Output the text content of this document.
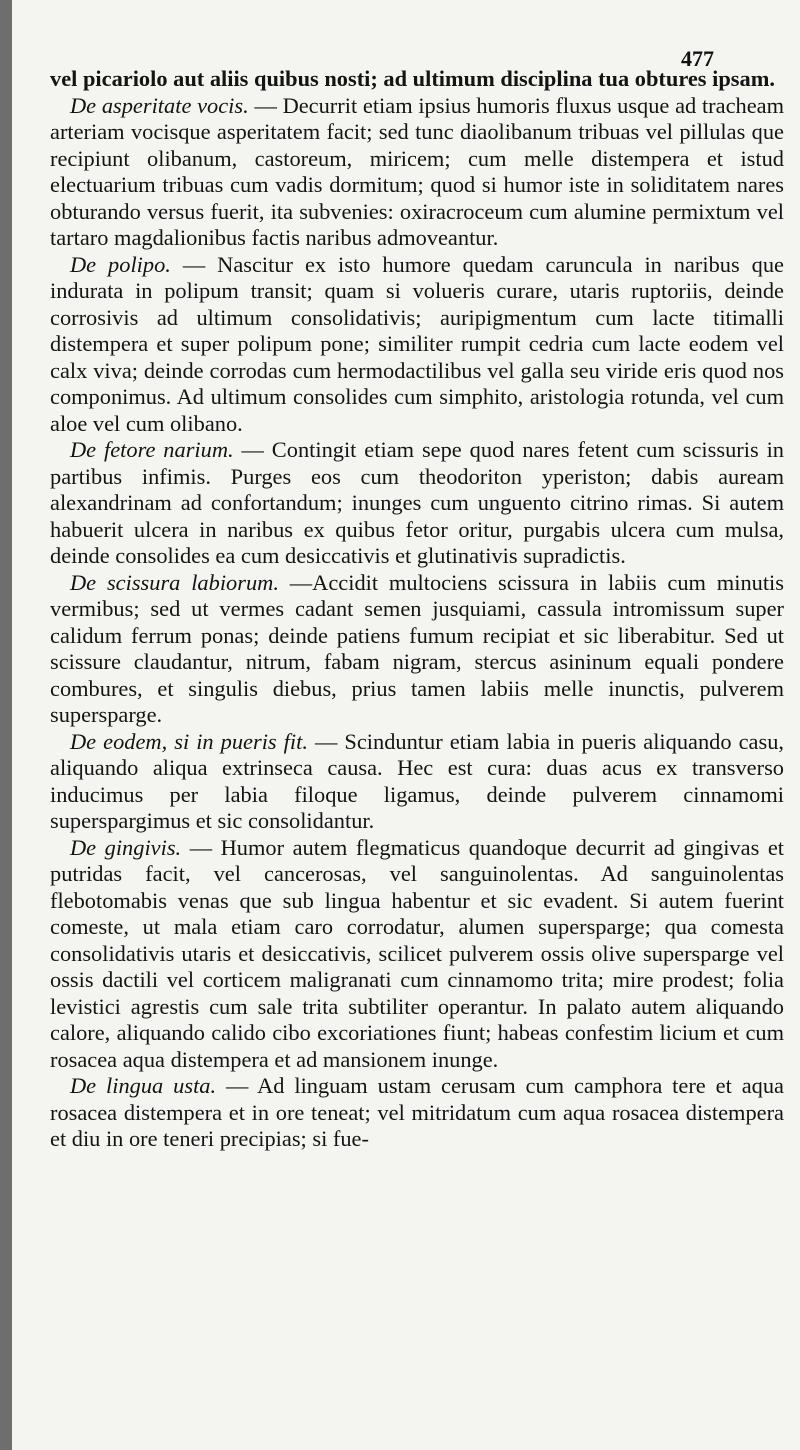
477

vel picariolo aut aliis quibus nosti; ad ultimum disciplina tua obtures ipsam.

De asperitate vocis. — Decurrit etiam ipsius humoris fluxus usque ad tracheam arteriam vocisque asperitatem facit; sed tunc diaolibanum tribuas vel pillulas que recipiunt olibanum, castoreum, miricem; cum melle distempera et istud electuarium tribuas cum vadis dormitum; quod si humor iste in soliditatem nares obturando versus fuerit, ita subvenies: oxiracroceum cum alumine permixtum vel tartaro magdalionibus factis naribus admoveantur.

De polipo. — Nascitur ex isto humore quedam caruncula in naribus que indurata in polipum transit; quam si volueris curare, utaris ruptoriis, deinde corrosivis ad ultimum consolidativis; auripigmentum cum lacte titimalli distempera et super polipum pone; similiter rumpit cedria cum lacte eodem vel calx viva; deinde corrodas cum hermodactilibus vel galla seu viride eris quod nos componimus. Ad ultimum consolides cum simphito, aristologia rotunda, vel cum aloe vel cum olibano.

De fetore narium. — Contingit etiam sepe quod nares fetent cum scissuris in partibus infimis. Purges eos cum theodoriton yperiston; dabis auream alexandrinam ad confortandum; inunges cum unguento citrino rimas. Si autem habuerit ulcera in naribus ex quibus fetor oritur, purgabis ulcera cum mulsa, deinde consolides ea cum desiccativis et glutinativis supradictis.

De scissura labiorum. —Accidit multociens scissura in labiis cum minutis vermibus; sed ut vermes cadant semen jusquiami, cassula intromissum super calidum ferrum ponas; deinde patiens fumum recipiat et sic liberabitur. Sed ut scissure claudantur, nitrum, fabam nigram, stercus asininum equali pondere combures, et singulis diebus, prius tamen labiis melle inunctis, pulverem supersparge.

De eodem, si in pueris fit. — Scinduntur etiam labia in pueris aliquando casu, aliquando aliqua extrinseca causa. Hec est cura: duas acus ex transverso inducimus per labia filoque ligamus, deinde pulverem cinnamomi superspargimus et sic consolidantur.

De gingivis. — Humor autem flegmaticus quandoque decurrit ad gingivas et putridas facit, vel cancerosas, vel sanguinolentas. Ad sanguinolentas flebotomabis venas que sub lingua habentur et sic evadent. Si autem fuerint comeste, ut mala etiam caro corrodatur, alumen supersparge; qua comesta consolidativis utaris et desiccativis, scilicet pulverem ossis olive supersparge vel ossis dactili vel corticem maligranati cum cinnamomo trita; mire prodest; folia levistici agrestis cum sale trita subtiliter operantur. In palato autem aliquando calore, aliquando calido cibo excoriationes fiunt; habeas confestim licium et cum rosacea aqua distempera et ad mansionem inunge.

De lingua usta. — Ad linguam ustam cerusam cum camphora tere et aqua rosacea distempera et in ore teneat; vel mitridatum cum aqua rosacea distempera et diu in ore teneri precipias; si fue-
